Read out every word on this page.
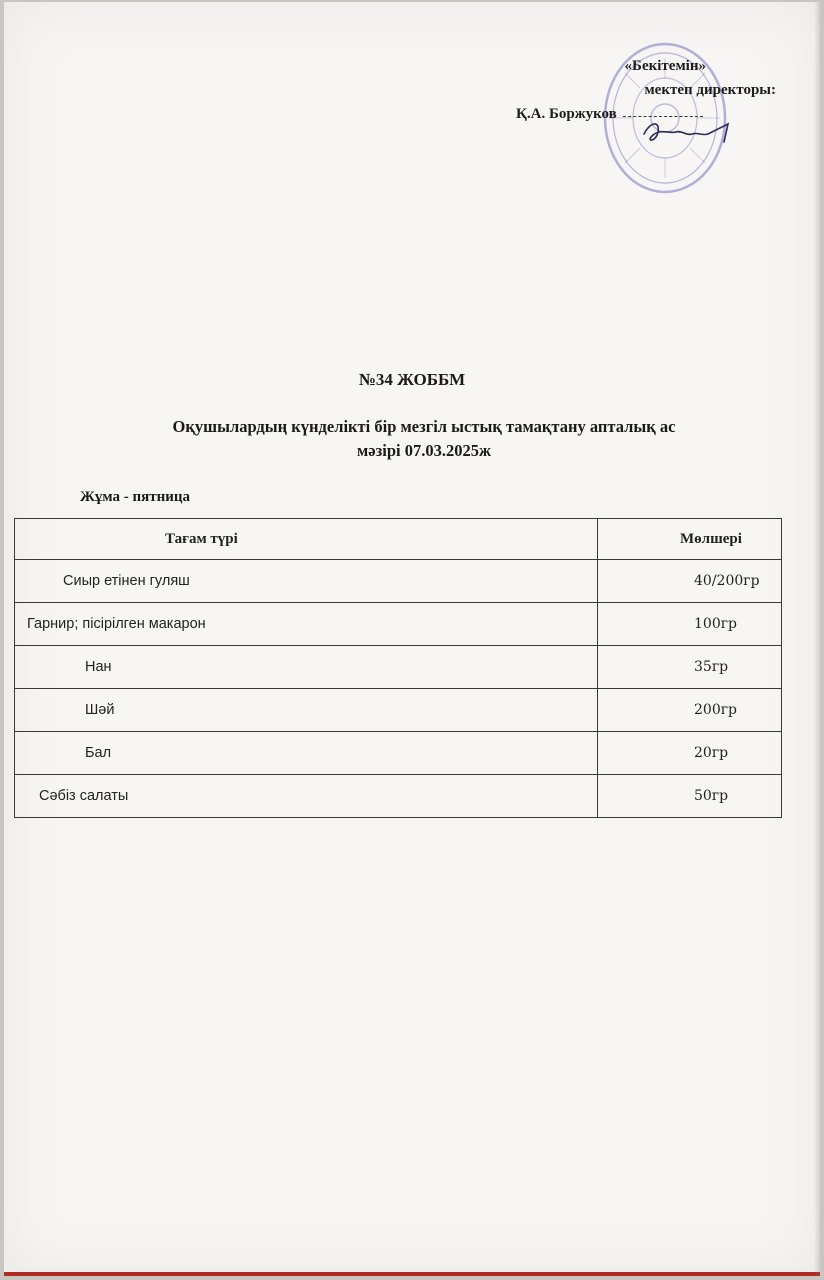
«Бекітемін»
мектеп директоры:
Қ.А. Боржуков
№34 ЖОББМ
Оқушылардың күнделікті бір мезгіл ыстық тамақтану апталық ас
мәзірі 07.03.2025ж
Жұма - пятница
Тағам түрі	Мөлшері
Сиыр етінен гуляш	40/200гр
Гарнир; пісірілген макарон	100гр
Нан	35гр
Шәй	200гр
Бал	20гр
Сәбіз салаты	50гр
